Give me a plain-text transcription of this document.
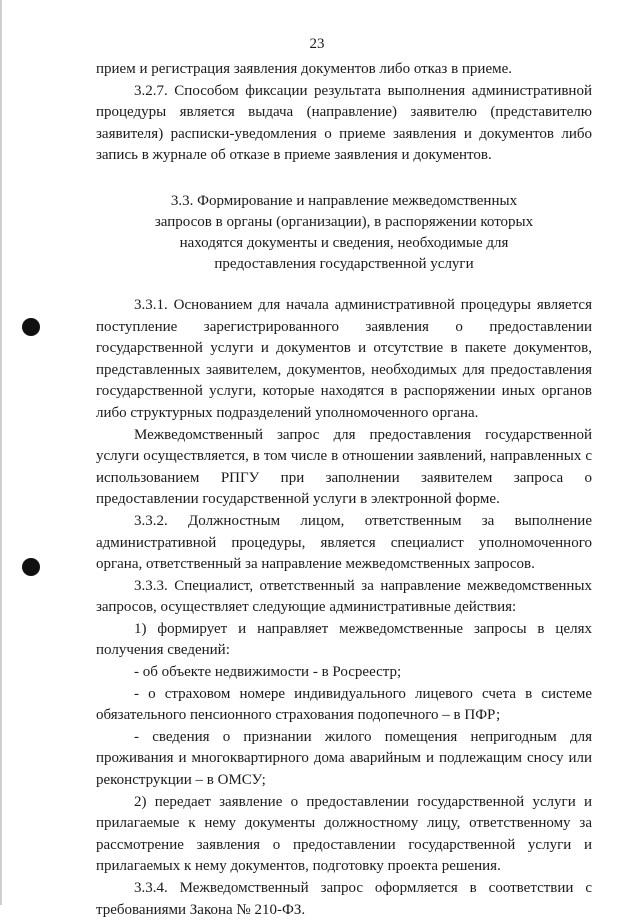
23

прием и регистрация заявления документов либо отказ в приеме.

3.2.7. Способом фиксации результата выполнения административной процедуры является выдача (направление) заявителю (представителю заявителя) расписки-уведомления о приеме заявления и документов либо запись в журнале об отказе в приеме заявления и документов.

3.3. Формирование и направление межведомственных
запросов в органы (организации), в распоряжении которых
находятся документы и сведения, необходимые для
предоставления государственной услуги

3.3.1. Основанием для начала административной процедуры является поступление зарегистрированного заявления о предоставлении государственной услуги и документов и отсутствие в пакете документов, представленных заявителем, документов, необходимых для предоставления государственной услуги, которые находятся в распоряжении иных органов либо структурных подразделений уполномоченного органа.

Межведомственный запрос для предоставления государственной услуги осуществляется, в том числе в отношении заявлений, направленных с использованием РПГУ при заполнении заявителем запроса о предоставлении государственной услуги в электронной форме.

3.3.2. Должностным лицом, ответственным за выполнение административной процедуры, является специалист уполномоченного органа, ответственный за направление межведомственных запросов.

3.3.3. Специалист, ответственный за направление межведомственных запросов, осуществляет следующие административные действия:

1) формирует и направляет межведомственные запросы в целях получения сведений:

- об объекте недвижимости - в Росреестр;

- о страховом номере индивидуального лицевого счета в системе обязательного пенсионного страхования подопечного – в ПФР;

- сведения о признании жилого помещения непригодным для проживания и многоквартирного дома аварийным и подлежащим сносу или реконструкции – в ОМСУ;

2) передает заявление о предоставлении государственной услуги и прилагаемые к нему документы должностному лицу, ответственному за рассмотрение заявления о предоставлении государственной услуги и прилагаемых к нему документов, подготовку проекта решения.

3.3.4. Межведомственный запрос оформляется в соответствии с требованиями Закона № 210-ФЗ.
